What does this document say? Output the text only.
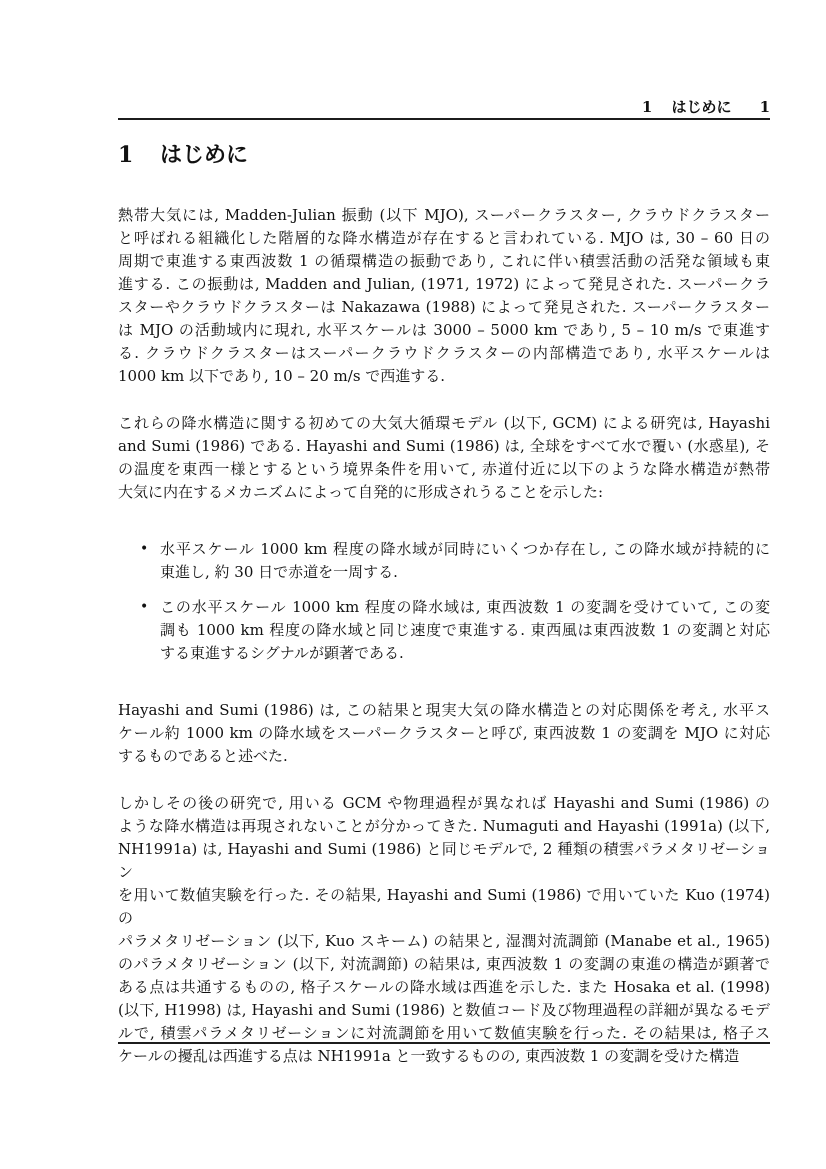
1 はじめに 1
1 はじめに
熱帯大気には, Madden-Julian 振動 (以下 MJO), スーパークラスター, クラウドクラスター
と呼ばれる組織化した階層的な降水構造が存在すると言われている. MJO は, 30 – 60 日の
周期で東進する東西波数 1 の循環構造の振動であり, これに伴い積雲活動の活発な領域も東
進する. この振動は, Madden and Julian, (1971, 1972) によって発見された. スーパークラ
スターやクラウドクラスターは Nakazawa (1988) によって発見された. スーパークラスター
は MJO の活動域内に現れ, 水平スケールは 3000 – 5000 km であり, 5 – 10 m/s で東進す
る. クラウドクラスターはスーパークラウドクラスターの内部構造であり, 水平スケールは
1000 km 以下であり, 10 – 20 m/s で西進する.
これらの降水構造に関する初めての大気大循環モデル (以下, GCM) による研究は, Hayashi
and Sumi (1986) である. Hayashi and Sumi (1986) は, 全球をすべて水で覆い (水惑星), そ
の温度を東西一様とするという境界条件を用いて, 赤道付近に以下のような降水構造が熱帯
大気に内在するメカニズムによって自発的に形成されうることを示した:
• 水平スケール 1000 km 程度の降水域が同時にいくつか存在し, この降水域が持続的に
東進し, 約 30 日で赤道を一周する.
• この水平スケール 1000 km 程度の降水域は, 東西波数 1 の変調を受けていて, この変
調も 1000 km 程度の降水域と同じ速度で東進する. 東西風は東西波数 1 の変調と対応
する東進するシグナルが顕著である.
Hayashi and Sumi (1986) は, この結果と現実大気の降水構造との対応関係を考え, 水平ス
ケール約 1000 km の降水域をスーパークラスターと呼び, 東西波数 1 の変調を MJO に対応
するものであると述べた.
しかしその後の研究で, 用いる GCM や物理過程が異なれば Hayashi and Sumi (1986) の
ような降水構造は再現されないことが分かってきた. Numaguti and Hayashi (1991a) (以下,
NH1991a) は, Hayashi and Sumi (1986) と同じモデルで, 2 種類の積雲パラメタリゼーション
を用いて数値実験を行った. その結果, Hayashi and Sumi (1986) で用いていた Kuo (1974) の
パラメタリゼーション (以下, Kuo スキーム) の結果と, 湿潤対流調節 (Manabe et al., 1965)
のパラメタリゼーション (以下, 対流調節) の結果は, 東西波数 1 の変調の東進の構造が顕著で
ある点は共通するものの, 格子スケールの降水域は西進を示した. また Hosaka et al. (1998)
(以下, H1998) は, Hayashi and Sumi (1986) と数値コード及び物理過程の詳細が異なるモデ
ルで, 積雲パラメタリゼーションに対流調節を用いて数値実験を行った. その結果は, 格子ス
ケールの擾乱は西進する点は NH1991a と一致するものの, 東西波数 1 の変調を受けた構造
